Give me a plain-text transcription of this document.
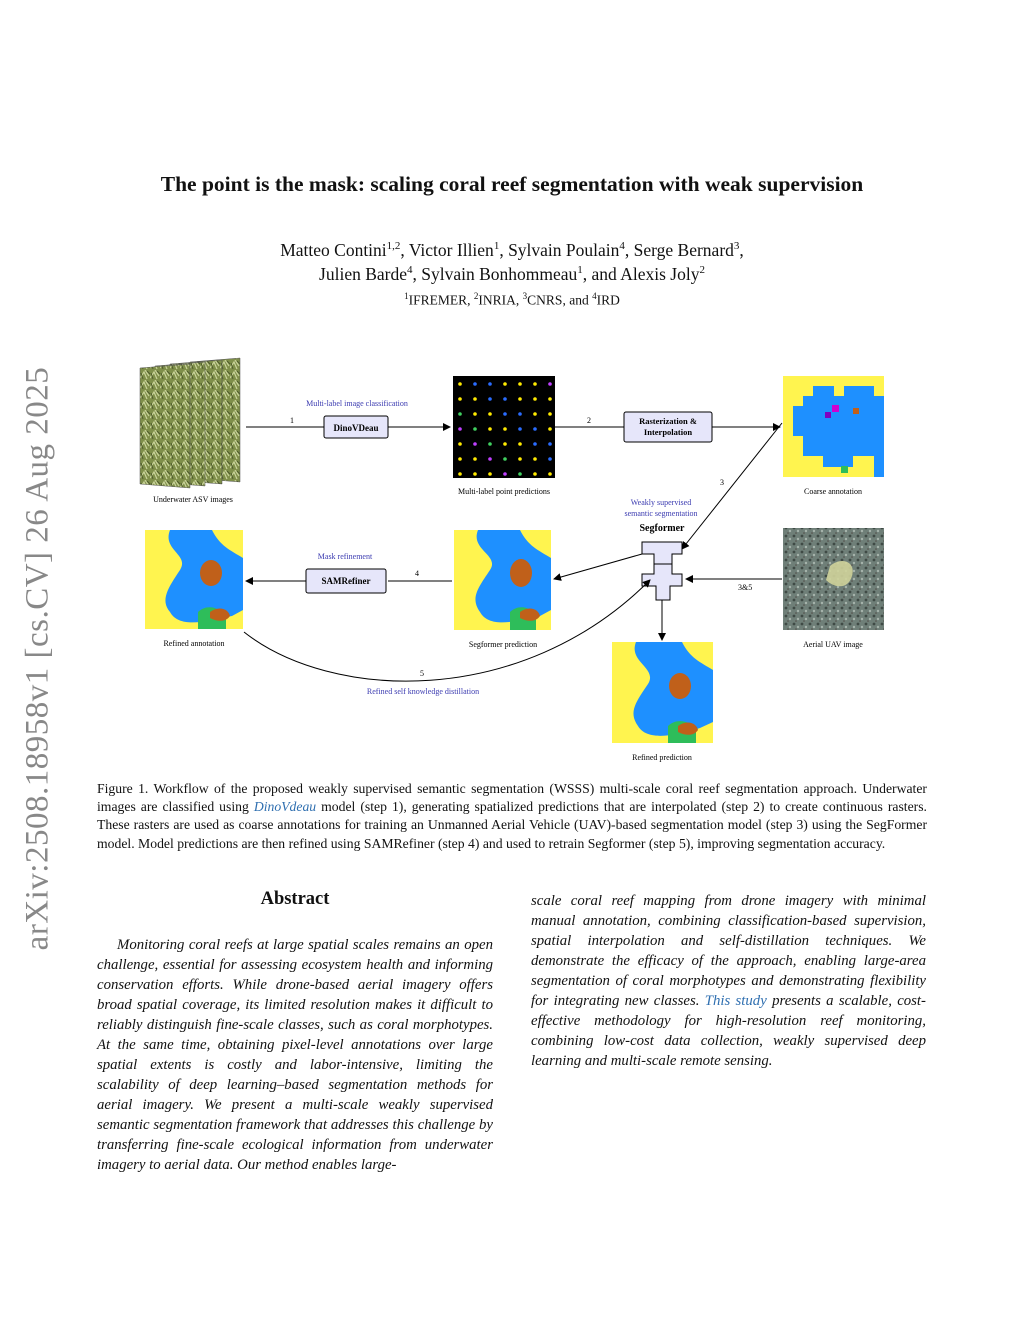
arXiv:2508.18958v1 [cs.CV] 26 Aug 2025
The point is the mask: scaling coral reef segmentation with weak supervision
Matteo Contini$^{1,2}$, Victor Illien$^1$, Sylvain Poulain$^4$, Serge Bernard$^3$,
Julien Barde$^4$, Sylvain Bonhommeau$^1$, and Alexis Joly$^2$
$^1$IFREMER, $^2$INRIA, $^3$CNRS, and $^4$IRD
Underwater ASV images
1
Multi-label image classification
DinoVDeau
Multi-label point predictions
2	Rasterization &
Interpolation
Coarse annotation
3
Weakly supervised
semantic segmentation
Segformer
Aerial UAV image
3&5
Segformer prediction
4
Mask refinement
SAMRefiner
Refined annotation
5
Refined self knowledge distillation
Refined prediction
Figure 1. Workflow of the proposed weakly supervised semantic segmentation (WSSS) multi-scale coral reef segmentation approach. Underwater images are classified using DinoVdeau model (step 1), generating spatialized predictions that are interpolated (step 2) to create continuous rasters. These rasters are used as coarse annotations for training an Unmanned Aerial Vehicle (UAV)-based segmentation model (step 3) using the SegFormer model. Model predictions are then refined using SAMRefiner (step 4) and used to retrain Segformer (step 5), improving segmentation accuracy.
Abstract
Monitoring coral reefs at large spatial scales remains an open challenge, essential for assessing ecosystem health and informing conservation efforts. While drone-based aerial imagery offers broad spatial coverage, its limited resolution makes it difficult to reliably distinguish fine-scale classes, such as coral morphotypes. At the same time, obtaining pixel-level annotations over large spatial extents is costly and labor-intensive, limiting the scalability of deep learning–based segmentation methods for aerial imagery. We present a multi-scale weakly supervised semantic segmentation framework that addresses this challenge by transferring fine-scale ecological information from underwater imagery to aerial data. Our method enables large-
scale coral reef mapping from drone imagery with minimal manual annotation, combining classification-based supervision, spatial interpolation and self-distillation techniques. We demonstrate the efficacy of the approach, enabling large-area segmentation of coral morphotypes and demonstrating flexibility for integrating new classes. This study presents a scalable, cost-effective methodology for high-resolution reef monitoring, combining low-cost data collection, weakly supervised deep learning and multi-scale remote sensing.
